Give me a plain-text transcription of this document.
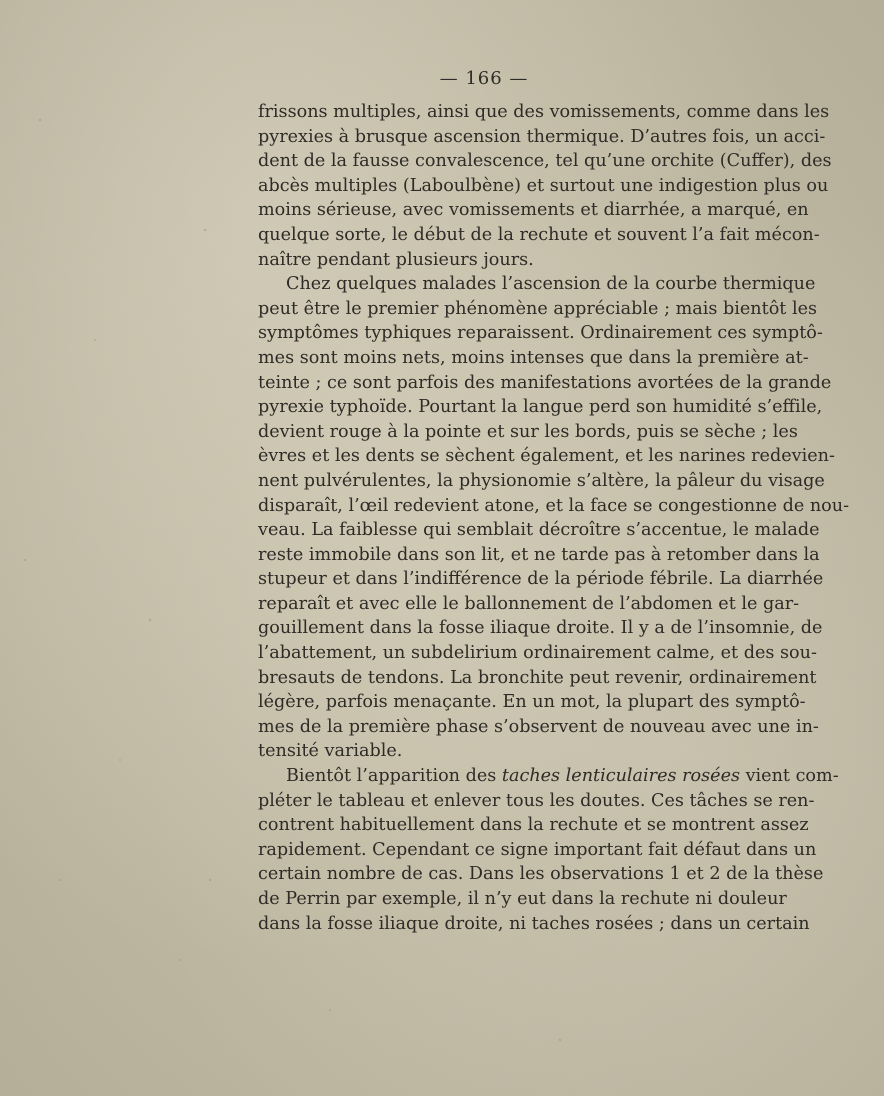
— 166 —
frissons multiples, ainsi que des vomissements, comme dans les
pyrexies à brusque ascension thermique. D’autres fois, un acci-
dent de la fausse convalescence, tel qu’une orchite (Cuffer), des
abcès multiples (Laboulbène) et surtout une indigestion plus ou
moins sérieuse, avec vomissements et diarrhée, a marqué, en
quelque sorte, le début de la rechute et souvent l’a fait mécon-
naître pendant plusieurs jours.
Chez quelques malades l’ascension de la courbe thermique
peut être le premier phénomène appréciable ; mais bientôt les
symptômes typhiques reparaissent. Ordinairement ces symptô-
mes sont moins nets, moins intenses que dans la première at-
teinte ; ce sont parfois des manifestations avortées de la grande
pyrexie typhoïde. Pourtant la langue perd son humidité s’effile,
devient rouge à la pointe et sur les bords, puis se sèche ; les
èvres et les dents se sèchent également, et les narines redevien-
nent pulvérulentes, la physionomie s’altère, la pâleur du visage
disparaît, l’œil redevient atone, et la face se congestionne de nou-
veau. La faiblesse qui semblait décroître s’accentue, le malade
reste immobile dans son lit, et ne tarde pas à retomber dans la
stupeur et dans l’indifférence de la période fébrile. La diarrhée
reparaît et avec elle le ballonnement de l’abdomen et le gar-
gouillement dans la fosse iliaque droite. Il y a de l’insomnie, de
l’abattement, un subdelirium ordinairement calme, et des sou-
bresauts de tendons. La bronchite peut revenir, ordinairement
légère, parfois menaçante. En un mot, la plupart des symptô-
mes de la première phase s’observent de nouveau avec une in-
tensité variable.
Bientôt l’apparition des taches lenticulaires rosées vient com-
pléter le tableau et enlever tous les doutes. Ces tâches se ren-
contrent habituellement dans la rechute et se montrent assez
rapidement. Cependant ce signe important fait défaut dans un
certain nombre de cas. Dans les observations 1 et 2 de la thèse
de Perrin par exemple, il n’y eut dans la rechute ni douleur
dans la fosse iliaque droite, ni taches rosées ; dans un certain
